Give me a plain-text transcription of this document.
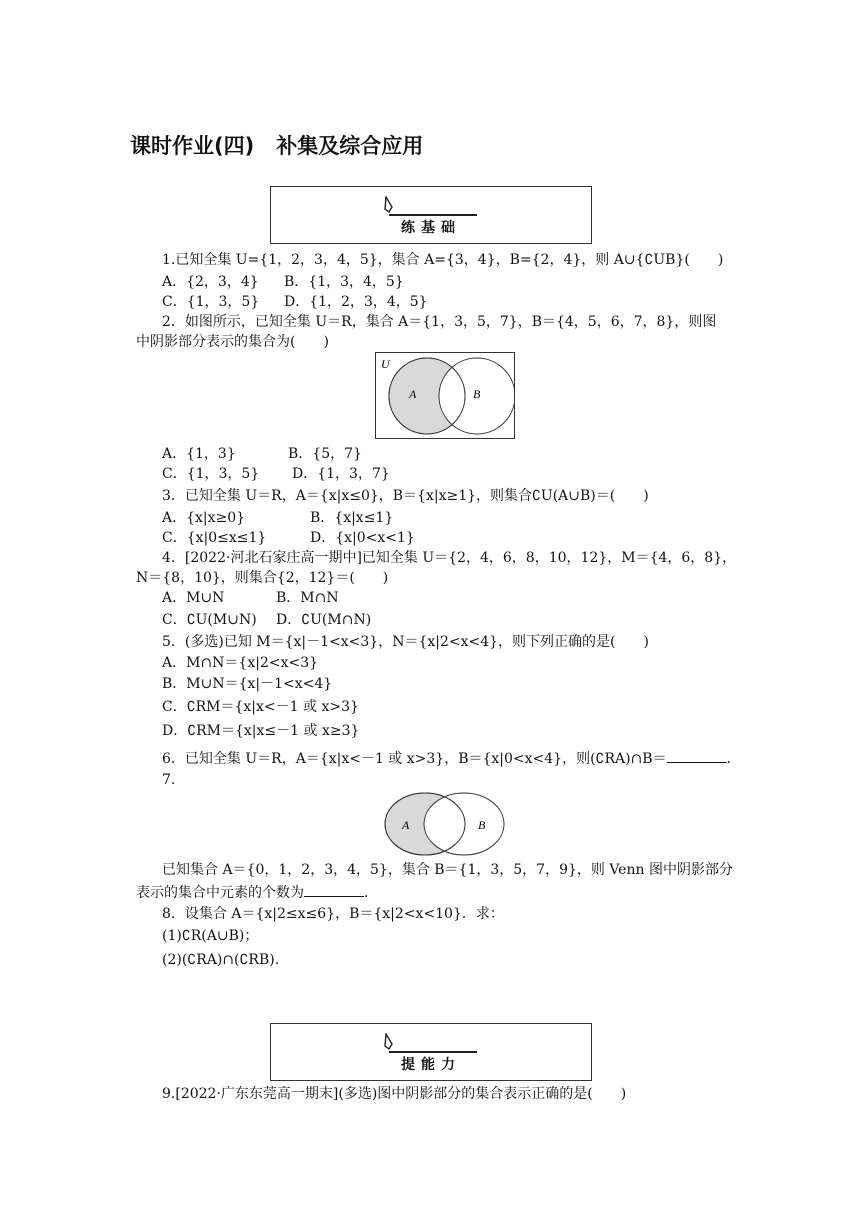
课时作业(四) 补集及综合应用
练基础
1.已知全集 U={1，2，3，4，5}，集合 A={3，4}，B={2，4}，则 A∪{∁UB}(　　)
A．{2，3，4} B．{1，3，4，5}
C．{1，3，5} D．{1，2，3，4，5}
2．如图所示，已知全集 U＝R，集合 A＝{1，3，5，7}，B＝{4，5，6，7，8}，则图
中阴影部分表示的集合为(　　)
U
A	B
A．{1，3}	B．{5，7}
C．{1，3，5} D．{1，3，7}
3．已知全集 U＝R，A＝{x|x≤0}，B＝{x|x≥1}，则集合∁U(A∪B)＝(　　)
A．{x|x≥0}	B．{x|x≤1}
C．{x|0≤x≤1}	D．{x|0<x<1}
4．[2022·河北石家庄高一期中]已知全集 U＝{2，4，6，8，10，12}，M＝{4，6，8}，
N＝{8，10}，则集合{2，12}＝(　　)
A．M∪N	B．M∩N
C．∁U(M∪N) D．∁U(M∩N)
5．(多选)已知 M＝{x|－1<x<3}，N＝{x|2<x<4}，则下列正确的是(　　)
A．M∩N＝{x|2<x<3}
B．M∪N＝{x|－1<x<4}
C．∁RM＝{x|x<－1 或 x>3}
D．∁RM＝{x|x≤－1 或 x≥3}
6．已知全集 U＝R，A＝{x|x<－1 或 x>3}，B＝{x|0<x<4}，则(∁RA)∩B＝	．
7.
A	B
已知集合 A＝{0，1，2，3，4，5}，集合 B＝{1，3，5，7，9}，则 Venn 图中阴影部分
表示的集合中元素的个数为	.
8．设集合 A＝{x|2≤x≤6}，B＝{x|2<x<10}．求：
(1)∁R(A∪B)；
(2)(∁RA)∩(∁RB).
提能力
9.[2022·广东东莞高一期末](多选)图中阴影部分的集合表示正确的是(　　)
